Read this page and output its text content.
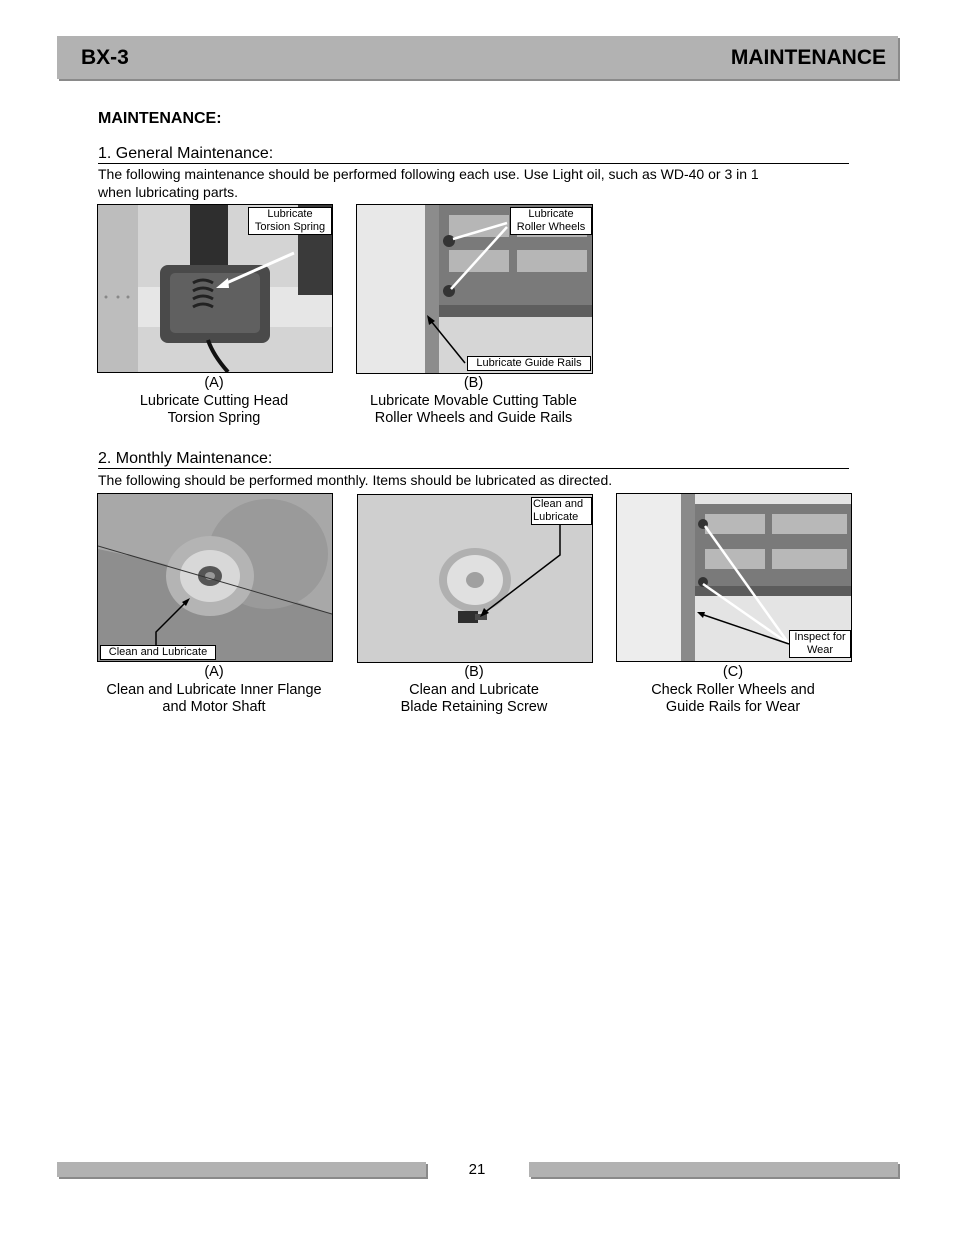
BX-3	MAINTENANCE
MAINTENANCE:
1. General Maintenance:
The following maintenance should be performed following each use. Use Light oil, such as WD-40 or 3 in 1
when lubricating parts.
Lubricate
Torsion Spring
(A)
Lubricate Cutting Head
Torsion Spring
Lubricate
Roller Wheels
Lubricate Guide Rails
(B)
Lubricate Movable Cutting Table
Roller Wheels and Guide Rails
2. Monthly Maintenance:
The following should be performed monthly. Items should be lubricated as directed.
Clean and Lubricate
(A)
Clean and Lubricate Inner Flange
and Motor Shaft
Clean and
Lubricate
(B)
Clean and Lubricate
Blade Retaining Screw
Inspect for
Wear
(C)
Check Roller Wheels and
Guide Rails for Wear
21
